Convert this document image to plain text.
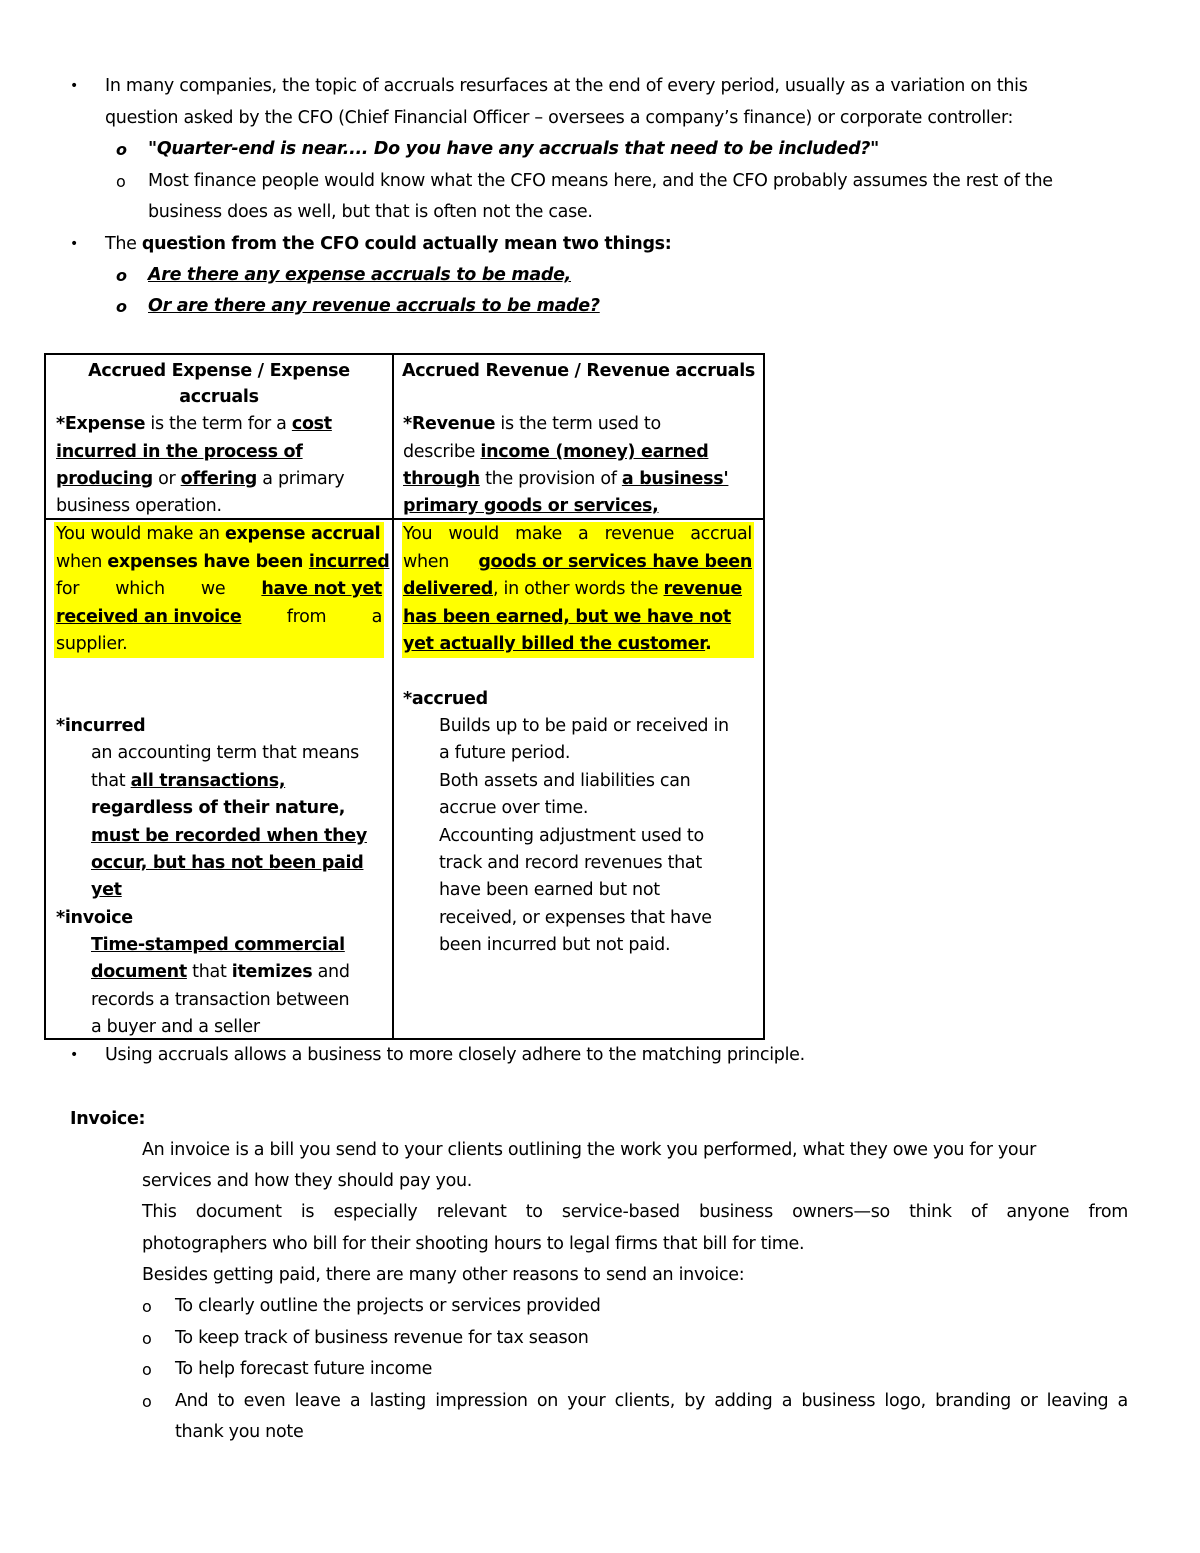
• In many companies, the topic of accruals resurfaces at the end of every period, usually as a variation on this
question asked by the CFO (Chief Financial Officer – oversees a company’s finance) or corporate controller:
o "Quarter-end is near.... Do you have any accruals that need to be included?"
o Most finance people would know what the CFO means here, and the CFO probably assumes the rest of the
business does as well, but that is often not the case.
• The question from the CFO could actually mean two things:
o Are there any expense accruals to be made,
o Or are there any revenue accruals to be made?
Accrued Expense / Expense
accruals
*Expense is the term for a cost
incurred in the process of
producing or offering a primary
business operation.
You would make an expense accrual
when expenses have been incurred
for which we have not yet
received an invoice	from	a
supplier.
*incurred
an accounting term that means
that all transactions,
regardless of their nature,
must be recorded when they
occur, but has not been paid
yet
*invoice
Time-stamped commercial
document that itemizes and
records a transaction between
a buyer and a seller
Accrued Revenue / Revenue accruals
*Revenue is the term used to
describe income (money) earned
through the provision of a business'
primary goods or services,
You would make a revenue accrual
when goods or services have been
delivered, in other words the revenue
has been earned, but we have not
yet actually billed the customer.
*accrued
Builds up to be paid or received in
a future period.
Both assets and liabilities can
accrue over time.
Accounting adjustment used to
track and record revenues that
have been earned but not
received, or expenses that have
been incurred but not paid.
• Using accruals allows a business to more closely adhere to the matching principle.
Invoice:
An invoice is a bill you send to your clients outlining the work you performed, what they owe you for your
services and how they should pay you.
This document is especially relevant to service-based business owners—so think of anyone from
photographers who bill for their shooting hours to legal firms that bill for time.
Besides getting paid, there are many other reasons to send an invoice:
o To clearly outline the projects or services provided
o To keep track of business revenue for tax season
o To help forecast future income
o And to even leave a lasting impression on your clients, by adding a business logo, branding or leaving a
thank you note
